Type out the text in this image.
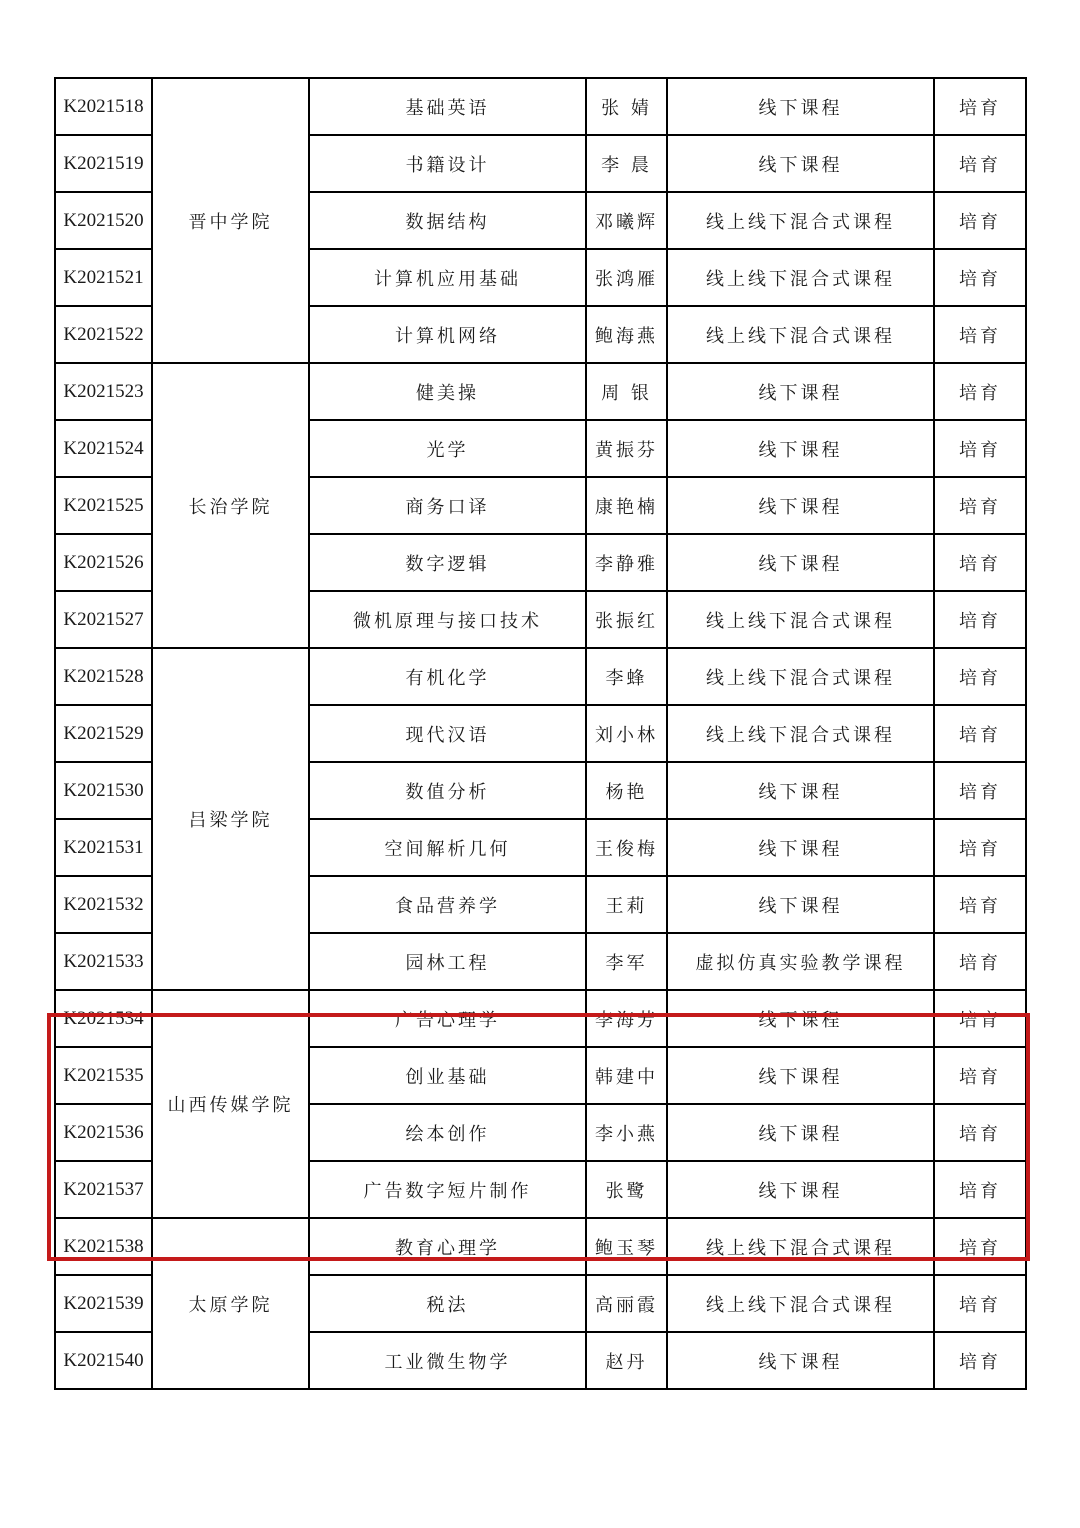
K2021518	晋中学院	基础英语	张 婧	线下课程	培育
K2021519		书籍设计	李 晨	线下课程	培育
K2021520		数据结构	邓曦辉	线上线下混合式课程	培育
K2021521		计算机应用基础	张鸿雁	线上线下混合式课程	培育
K2021522		计算机网络	鲍海燕	线上线下混合式课程	培育
K2021523	长治学院	健美操	周 银	线下课程	培育
K2021524		光学	黄振芬	线下课程	培育
K2021525		商务口译	康艳楠	线下课程	培育
K2021526		数字逻辑	李静雅	线下课程	培育
K2021527		微机原理与接口技术	张振红	线上线下混合式课程	培育
K2021528	吕梁学院	有机化学	李蜂	线上线下混合式课程	培育
K2021529		现代汉语	刘小林	线上线下混合式课程	培育
K2021530		数值分析	杨艳	线下课程	培育
K2021531		空间解析几何	王俊梅	线下课程	培育
K2021532		食品营养学	王莉	线下课程	培育
K2021533		园林工程	李军	虚拟仿真实验教学课程	培育
K2021534	山西传媒学院	广告心理学	李海芳	线下课程	培育
K2021535		创业基础	韩建中	线下课程	培育
K2021536		绘本创作	李小燕	线下课程	培育
K2021537		广告数字短片制作	张鹭	线下课程	培育
K2021538	太原学院	教育心理学	鲍玉琴	线上线下混合式课程	培育
K2021539		税法	高丽霞	线上线下混合式课程	培育
K2021540		工业微生物学	赵丹	线下课程	培育
